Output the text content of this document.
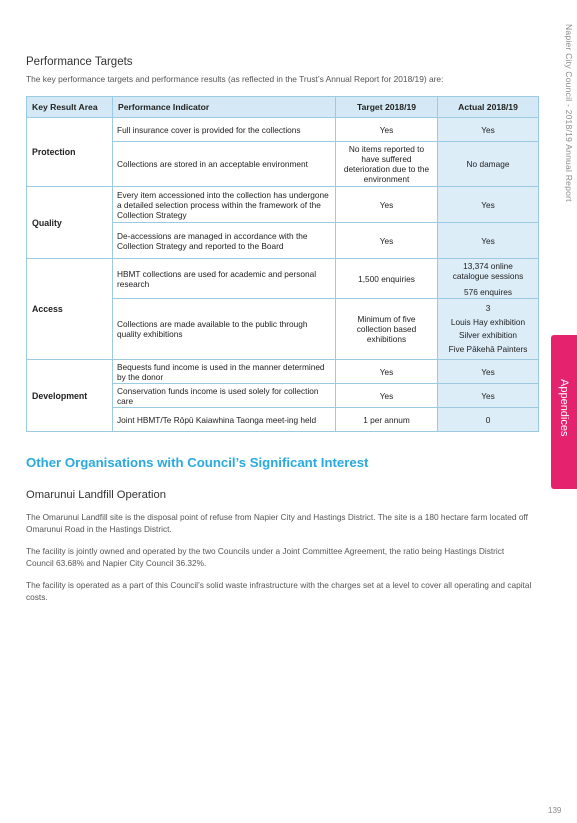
Napier City Council - 2018/19 Annual Report
Appendices
Performance Targets
The key performance targets and performance results (as reflected in the Trust’s Annual Report for 2018/19) are:
Key Result Area	Performance Indicator	Target 2018/19	Actual 2018/19
Protection	Full insurance cover is provided for the collections	Yes	Yes
	Collections are stored in an acceptable environment	No items reported to have suffered deterioration due to the environment	No damage
Quality	Every item accessioned into the collection has undergone a detailed selection process within the framework of the Collection Strategy	Yes	Yes
	De-accessions are managed in accordance with the Collection Strategy and reported to the Board	Yes	Yes
Access	HBMT collections are used for academic and personal research	1,500 enquiries	13,374 online catalogue sessions
576 enquires

	Collections are made available to the public through quality exhibitions	Minimum of five collection based exhibitions	3
Louis Hay exhibition
Silver exhibition
Five Pākehā Painters

Development	Bequests fund income is used in the manner determined by the donor	Yes	Yes
	Conservation funds income is used solely for collection care	Yes	Yes
	Joint HBMT/Te Rōpū Kaiawhina Taonga meet-ing held	1 per annum	0
Other Organisations with Council’s Significant Interest
Omarunui Landfill Operation

The Omarunui Landfill site is the disposal point of refuse from Napier City and Hastings District. The site is a 180 hectare farm located off Omarunui Road in the Hastings District.

The facility is jointly owned and operated by the two Councils under a Joint Committee Agreement, the ratio being Hastings District Council 63.68% and Napier City Council 36.32%.

The facility is operated as a part of this Council’s solid waste infrastructure with the charges set at a level to cover all operating and capital costs.

139
